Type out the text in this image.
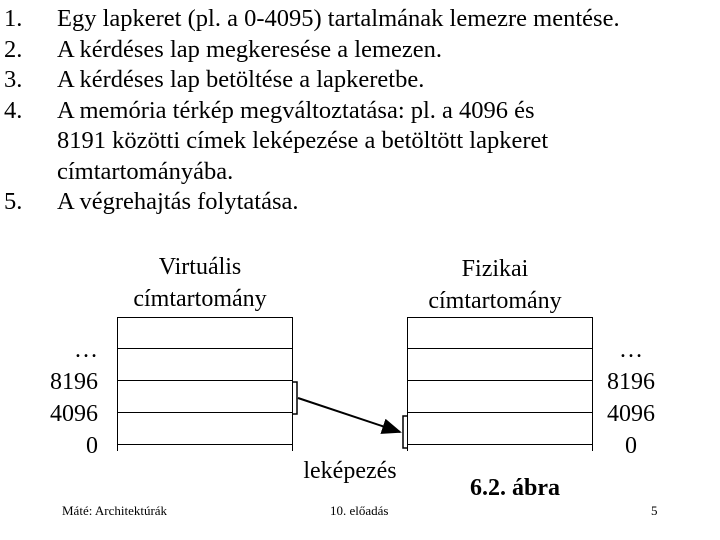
1. Egy lapkeret (pl. a 0-4095) tartalmának lemezre mentése.
2. A kérdéses lap megkeresése a lemezen.
3. A kérdéses lap betöltése a lapkeretbe.
4. A memória térkép megváltoztatása: pl. a 4096 és
8191 közötti címek leképezése a betöltött lapkeret
címtartományába.
5. A végrehajtás folytatása.
Virtuális
címtartomány
Fizikai
címtartomány
…
8196
4096
0
…
8196
4096
0
leképezés
6.2. ábra
Máté: Architektúrák	10. előadás	5
